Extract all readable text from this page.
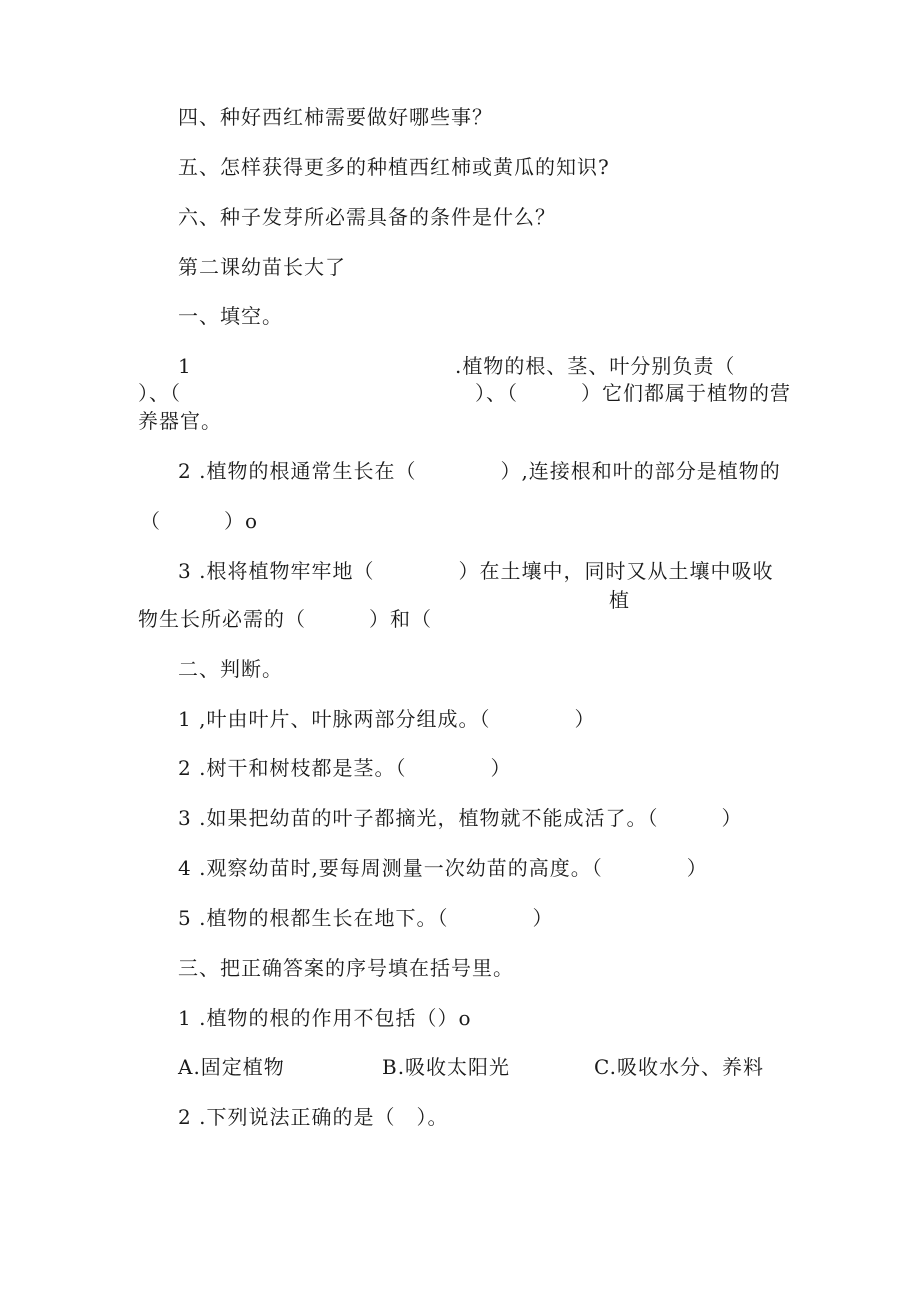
四、种好西红柿需要做好哪些事？
五、怎样获得更多的种植西红柿或黄瓜的知识?
六、种子发芽所必需具备的条件是什么？
第二课幼苗长大了
一、填空。
1	.植物的根、茎、叶分别负责（
）、（　　　　　　　　　　　　　　）、（　　　）它们都属于植物的营
养器官。
2 .植物的根通常生长在（　　　　）,连接根和叶的部分是植物的
（　　　）o
3 .根将植物牢牢地（　　　　）在土壤中，同时又从土壤中吸收
植
物生长所必需的（　　　）和（
二、判断。
1 ,叶由叶片、叶脉两部分组成。（　　　　）
2 .树干和树枝都是茎。（　　　　）
3 .如果把幼苗的叶子都摘光，植物就不能成活了。（　　　）
4 .观察幼苗时,要每周测量一次幼苗的高度。（　　　　）
5 .植物的根都生长在地下。（　　　　）
三、把正确答案的序号填在括号里。
1 .植物的根的作用不包括（）o
A.固定植物	B.吸收太阳光	C.吸收水分、养料
2 .下列说法正确的是（　）。
